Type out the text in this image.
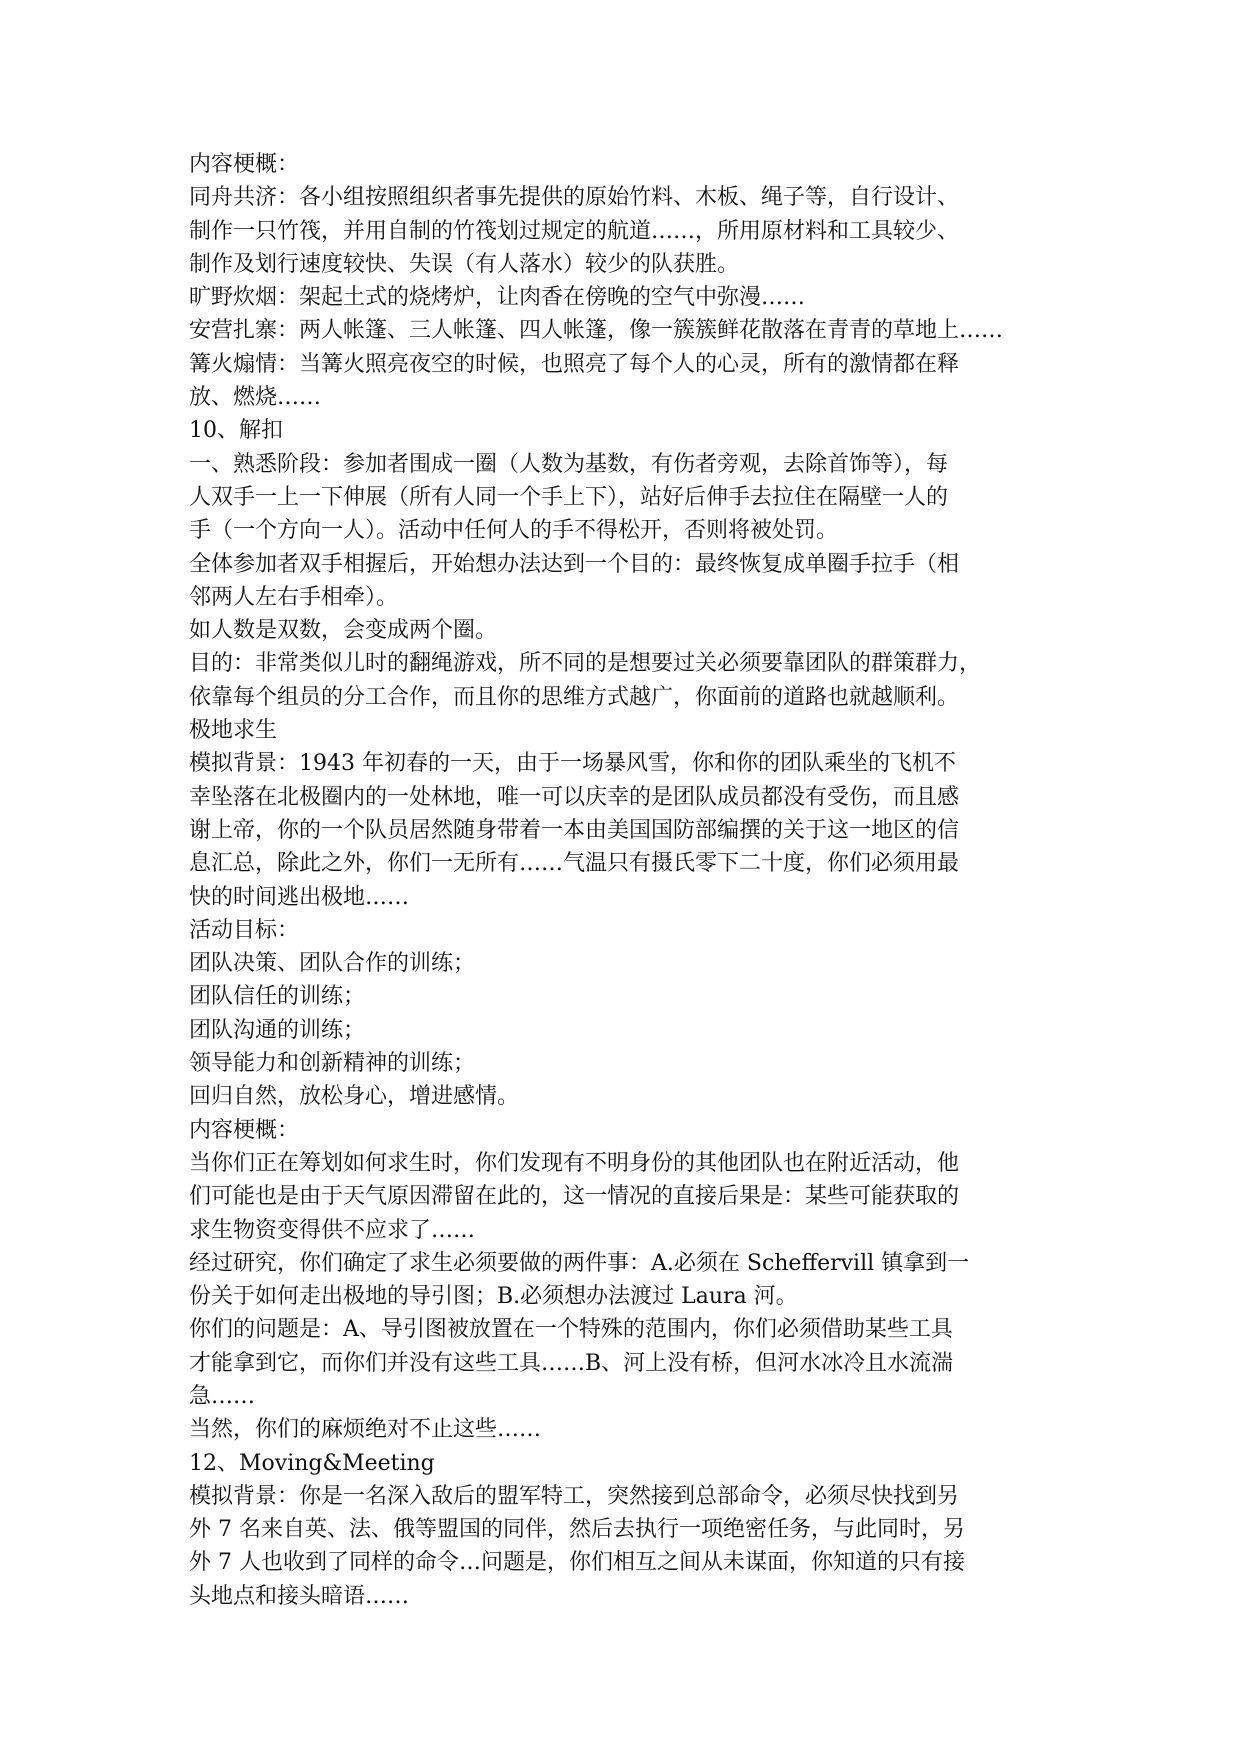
内容梗概：
同舟共济：各小组按照组织者事先提供的原始竹料、木板、绳子等，自行设计、
制作一只竹筏，并用自制的竹筏划过规定的航道……，所用原材料和工具较少、
制作及划行速度较快、失误（有人落水）较少的队获胜。
旷野炊烟：架起土式的烧烤炉，让肉香在傍晚的空气中弥漫……
安营扎寨：两人帐篷、三人帐篷、四人帐篷，像一簇簇鲜花散落在青青的草地上……
篝火煽情：当篝火照亮夜空的时候，也照亮了每个人的心灵，所有的激情都在释
放、燃烧……
10、解扣
一、熟悉阶段：参加者围成一圈（人数为基数，有伤者旁观，去除首饰等），每
人双手一上一下伸展（所有人同一个手上下），站好后伸手去拉住在隔壁一人的
手（一个方向一人）。活动中任何人的手不得松开，否则将被处罚。
全体参加者双手相握后，开始想办法达到一个目的：最终恢复成单圈手拉手（相
邻两人左右手相牵）。
如人数是双数，会变成两个圈。
目的：非常类似儿时的翻绳游戏，所不同的是想要过关必须要靠团队的群策群力，
依靠每个组员的分工合作，而且你的思维方式越广，你面前的道路也就越顺利。
极地求生
模拟背景：1943 年初春的一天，由于一场暴风雪，你和你的团队乘坐的飞机不
幸坠落在北极圈内的一处林地，唯一可以庆幸的是团队成员都没有受伤，而且感
谢上帝，你的一个队员居然随身带着一本由美国国防部编撰的关于这一地区的信
息汇总，除此之外，你们一无所有……气温只有摄氏零下二十度，你们必须用最
快的时间逃出极地……
活动目标：
团队决策、团队合作的训练；
团队信任的训练；
团队沟通的训练；
领导能力和创新精神的训练；
回归自然，放松身心，增进感情。
内容梗概：
当你们正在筹划如何求生时，你们发现有不明身份的其他团队也在附近活动，他
们可能也是由于天气原因滞留在此的，这一情况的直接后果是：某些可能获取的
求生物资变得供不应求了……
经过研究，你们确定了求生必须要做的两件事：A.必须在 Scheffervill 镇拿到一
份关于如何走出极地的导引图；B.必须想办法渡过 Laura 河。
你们的问题是：A、导引图被放置在一个特殊的范围内，你们必须借助某些工具
才能拿到它，而你们并没有这些工具……B、河上没有桥，但河水冰冷且水流湍
急……
当然，你们的麻烦绝对不止这些……
12、Moving&Meeting
模拟背景：你是一名深入敌后的盟军特工，突然接到总部命令，必须尽快找到另
外 7 名来自英、法、俄等盟国的同伴，然后去执行一项绝密任务，与此同时，另
外 7 人也收到了同样的命令…问题是，你们相互之间从未谋面，你知道的只有接
头地点和接头暗语……
